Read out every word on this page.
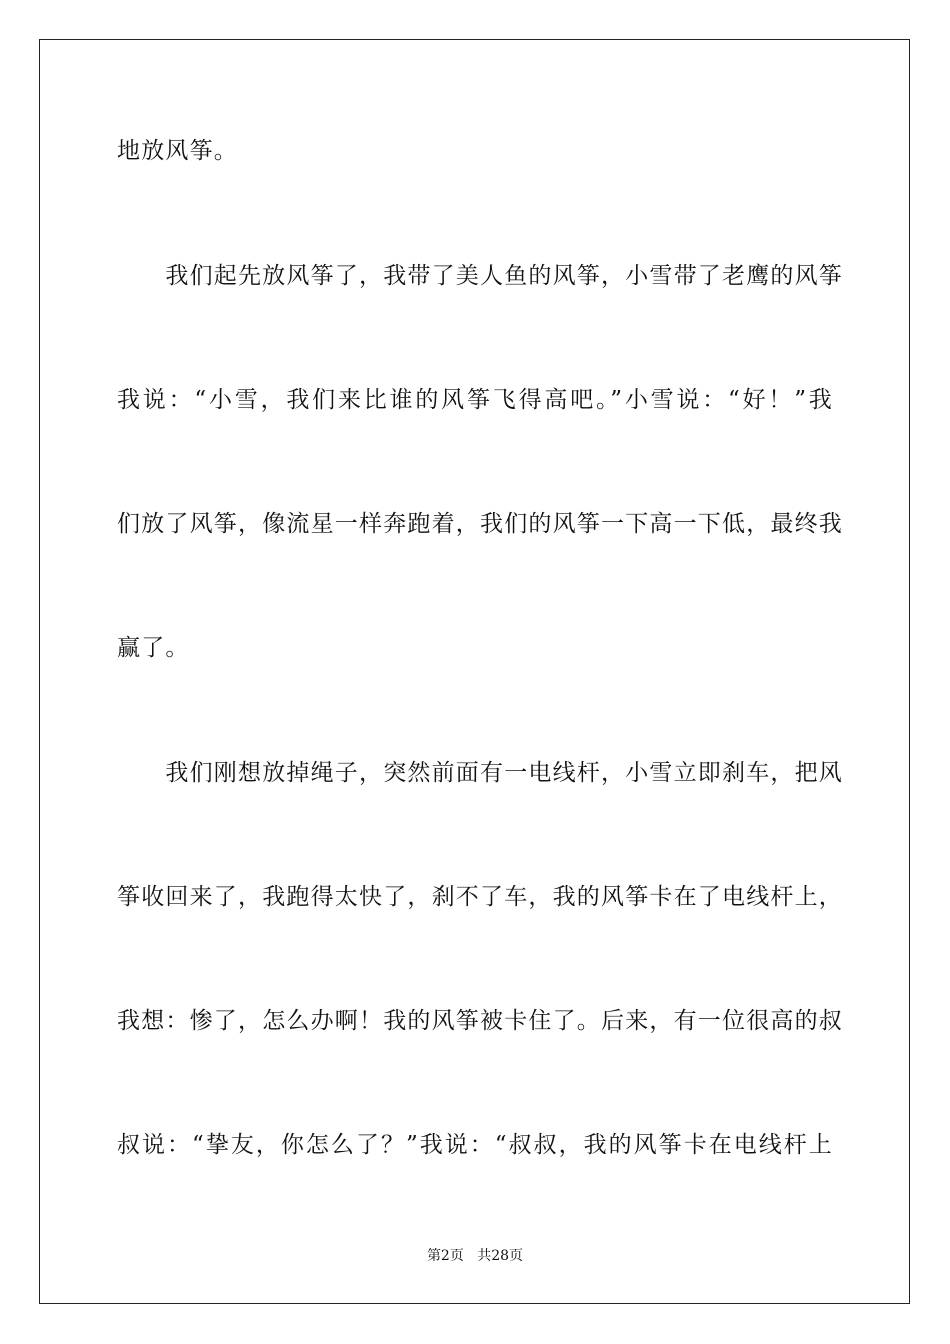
地放风筝。
　　我们起先放风筝了，我带了美人鱼的风筝，小雪带了老鹰的风筝
我说：“小雪，我们来比谁的风筝飞得高吧。”小雪说：“好！”我
们放了风筝，像流星一样奔跑着，我们的风筝一下高一下低，最终我
赢了。
　　我们刚想放掉绳子，突然前面有一电线杆，小雪立即刹车，把风
筝收回来了，我跑得太快了，刹不了车，我的风筝卡在了电线杆上，
我想：惨了，怎么办啊！我的风筝被卡住了。后来，有一位很高的叔
叔说：“挚友，你怎么了？”我说：“叔叔，我的风筝卡在电线杆上
第2页 共28页
